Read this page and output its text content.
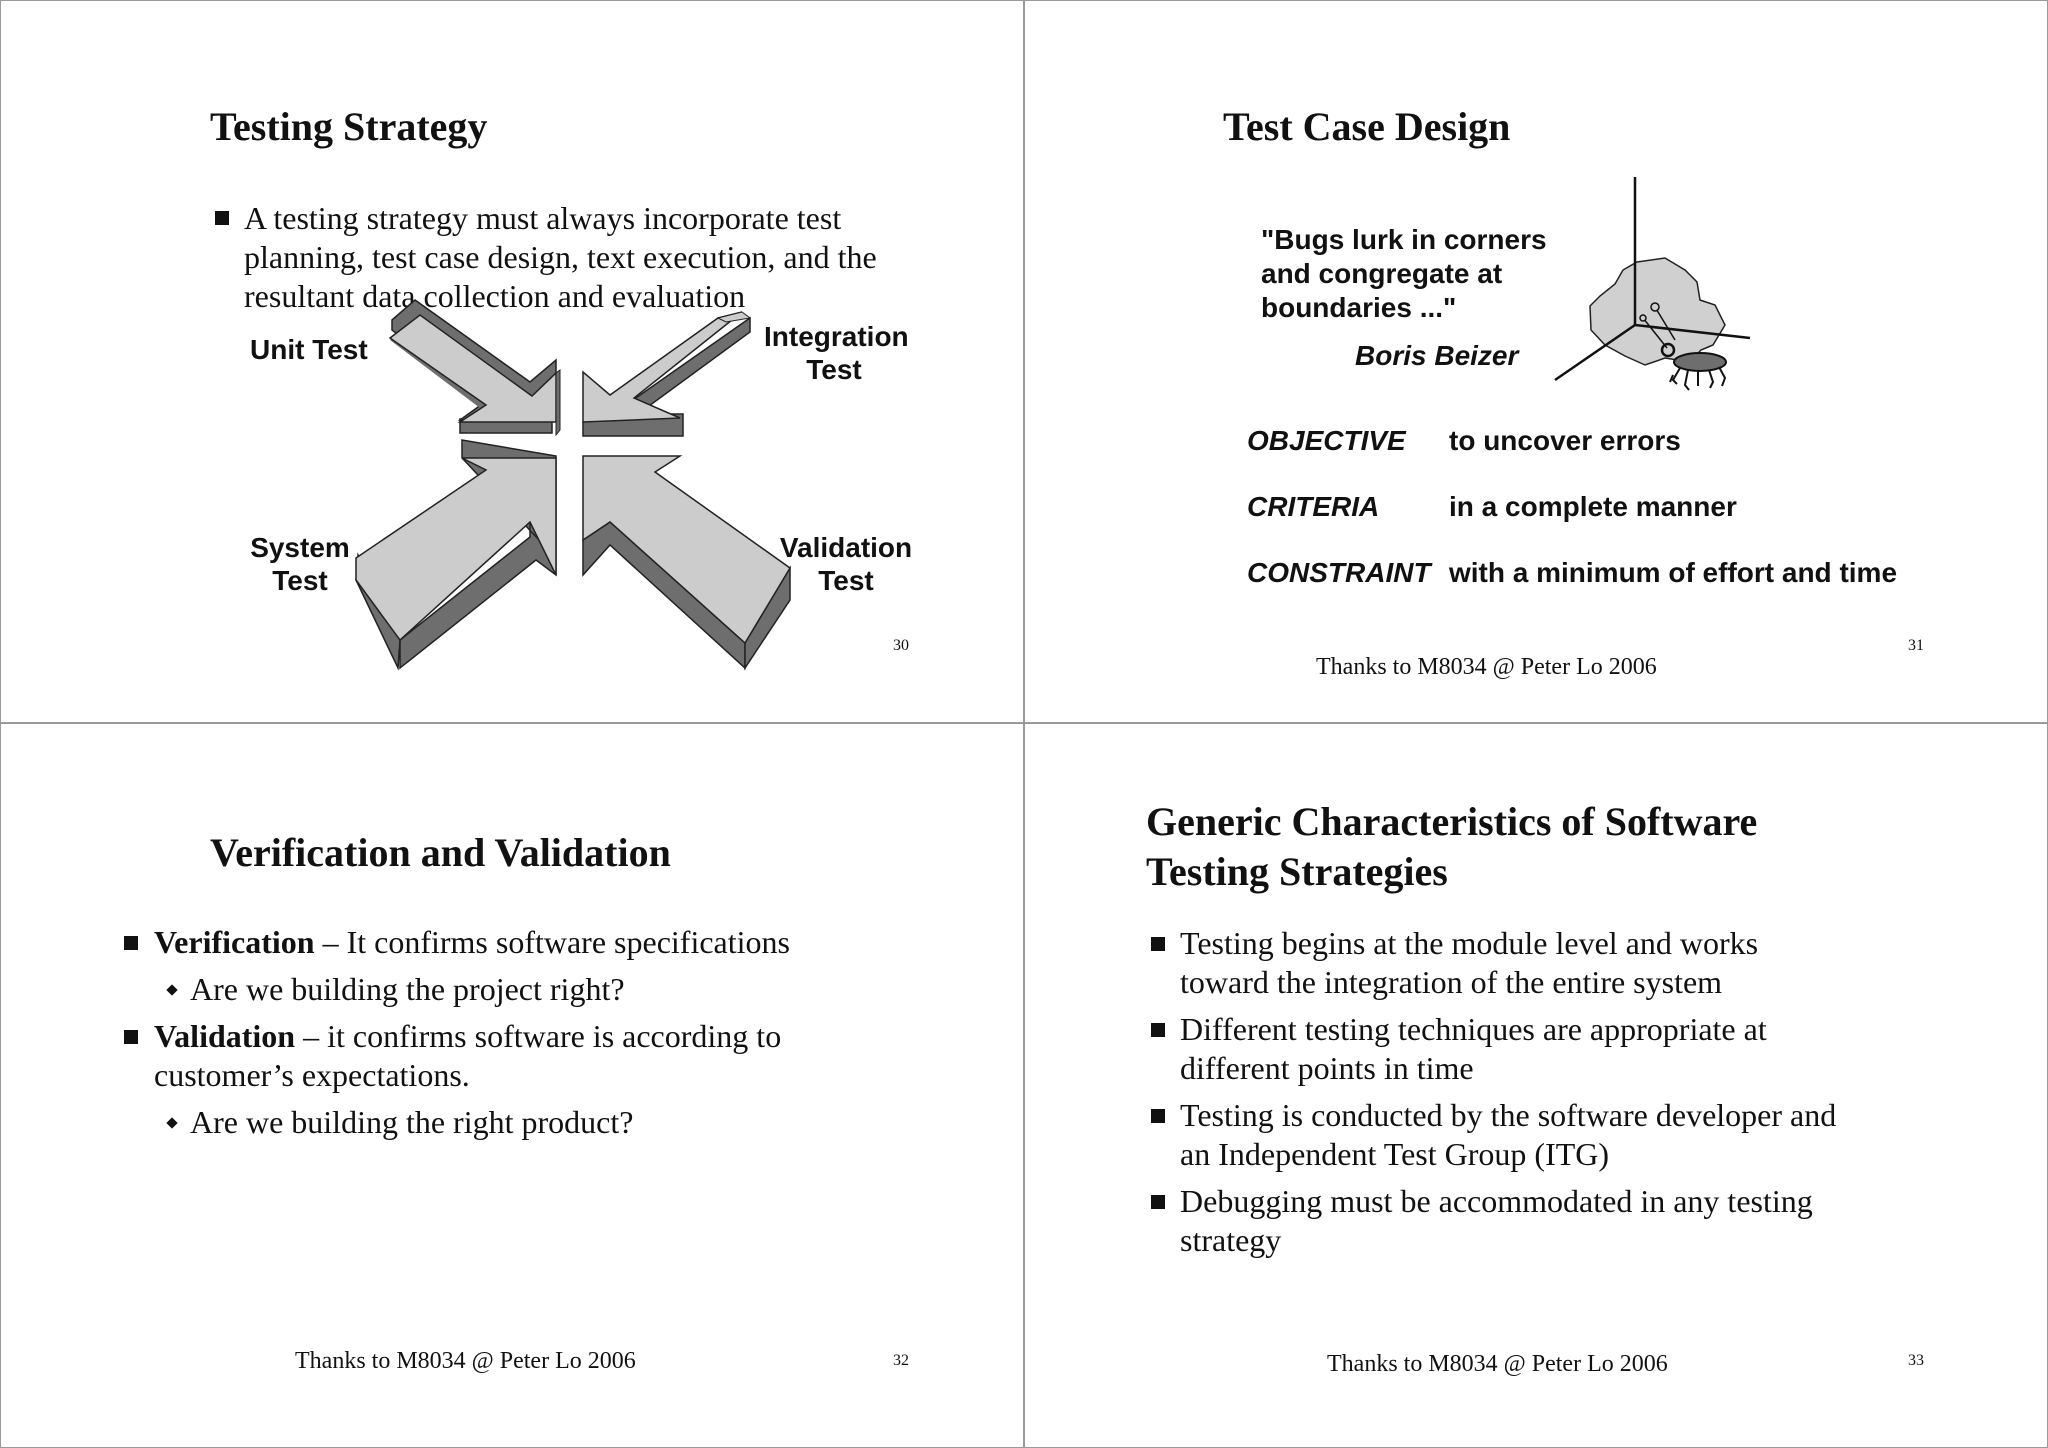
Testing Strategy
A testing strategy must always incorporate test
planning, test case design, text execution, and the
resultant data collection and evaluation
Unit Test	Integration
Test
System
Test
Validation
Test
30
Test Case Design
"Bugs lurk in corners
and congregate at
boundaries ..."
Boris Beizer
OBJECTIVE to uncover errors
CRITERIA in a complete manner
CONSTRAINT with a minimum of effort and time
Thanks to M8034 @ Peter Lo 2006
31
Verification and Validation
Verification – It confirms software specifications
Are we building the project right?
Validation – it confirms software is according to
customer’s expectations.
Are we building the right product?
Thanks to M8034 @ Peter Lo 2006	32
Generic Characteristics of Software
Testing Strategies
Testing begins at the module level and works
toward the integration of the entire system
Different testing techniques are appropriate at
different points in time
Testing is conducted by the software developer and
an Independent Test Group (ITG)
Debugging must be accommodated in any testing
strategy
Thanks to M8034 @ Peter Lo 2006	33
